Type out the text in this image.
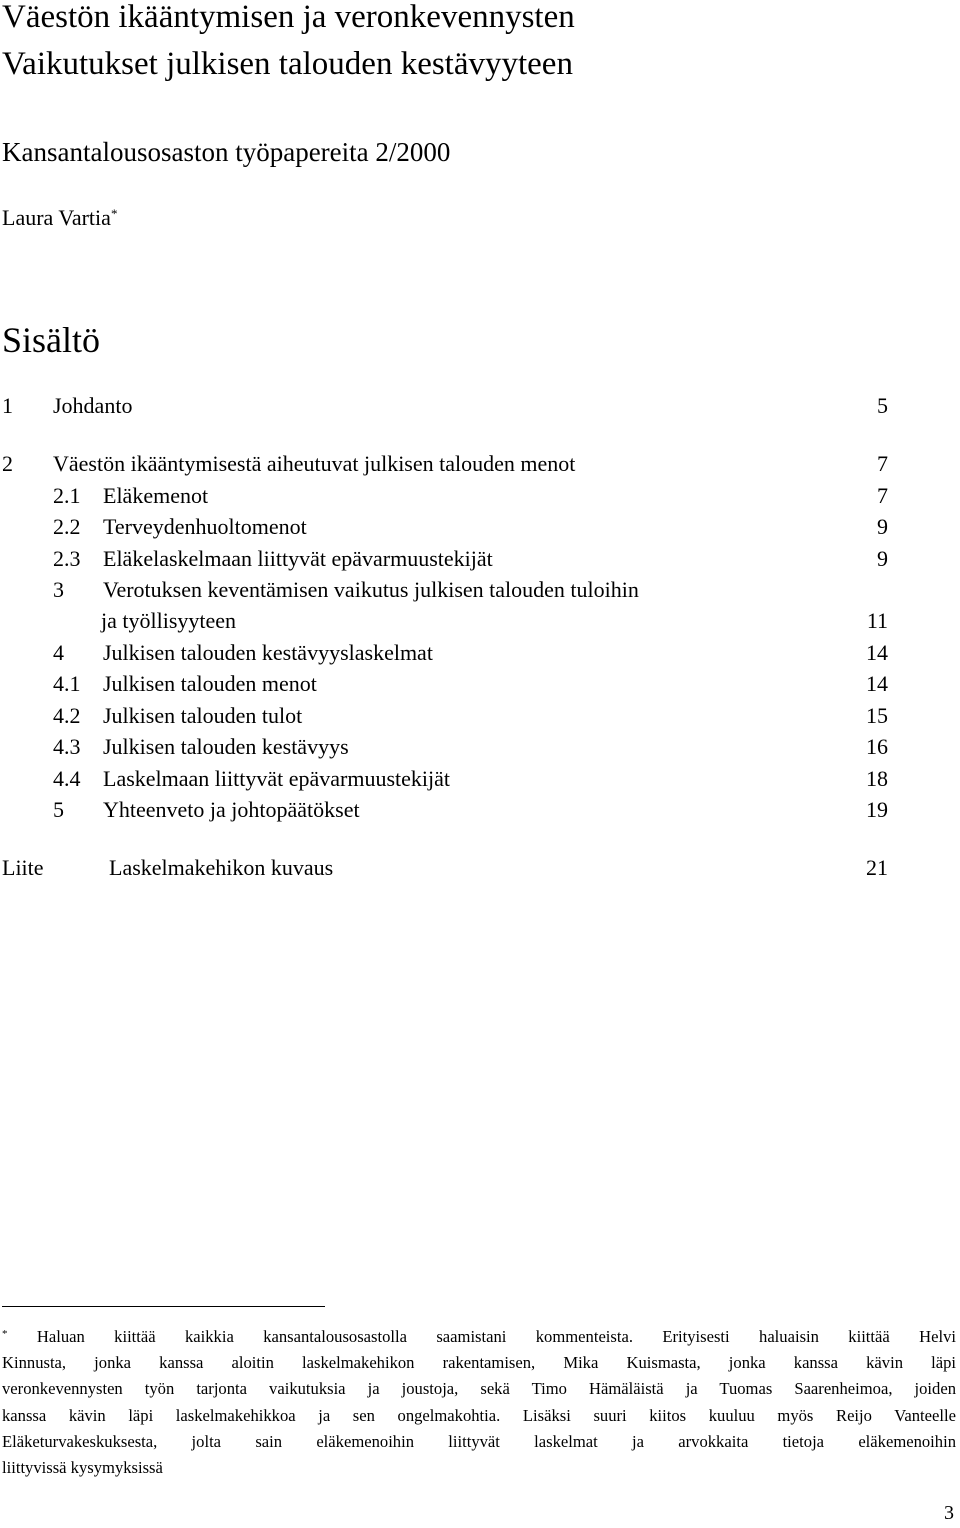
Väestön ikääntymisen ja veronkevennysten
Vaikutukset julkisen talouden kestävyyteen
Kansantalousosaston työpapereita 2/2000
Laura Vartia*
Sisältö
1 Johdanto	5
2 Väestön ikääntymisestä aiheutuvat julkisen talouden menot	7
2.1 Eläkemenot	7
2.2 Terveydenhuoltomenot	9
2.3 Eläkelaskelmaan liittyvät epävarmuustekijät	9
3 Verotuksen keventämisen vaikutus julkisen talouden tuloihin
ja työllisyyteen	11
4 Julkisen talouden kestävyyslaskelmat	14
4.1 Julkisen talouden menot	14
4.2 Julkisen talouden tulot	15
4.3 Julkisen talouden kestävyys	16
4.4 Laskelmaan liittyvät epävarmuustekijät	18
5 Yhteenveto ja johtopäätökset	19
Liite	Laskelmakehikon kuvaus	21
* Haluan kiittää kaikkia kansantalousosastolla saamistani kommenteista. Erityisesti haluaisin kiittää Helvi
Kinnusta, jonka kanssa aloitin laskelmakehikon rakentamisen, Mika Kuismasta, jonka kanssa kävin läpi
veronkevennysten työn tarjonta vaikutuksia ja joustoja, sekä Timo Hämäläistä ja Tuomas Saarenheimoa, joiden
kanssa kävin läpi laskelmakehikkoa ja sen ongelmakohtia. Lisäksi suuri kiitos kuuluu myös Reijo Vanteelle
Eläketurvakeskuksesta, jolta sain eläkemenoihin liittyvät laskelmat ja arvokkaita tietoja eläkemenoihin
liittyvissä kysymyksissä
3
